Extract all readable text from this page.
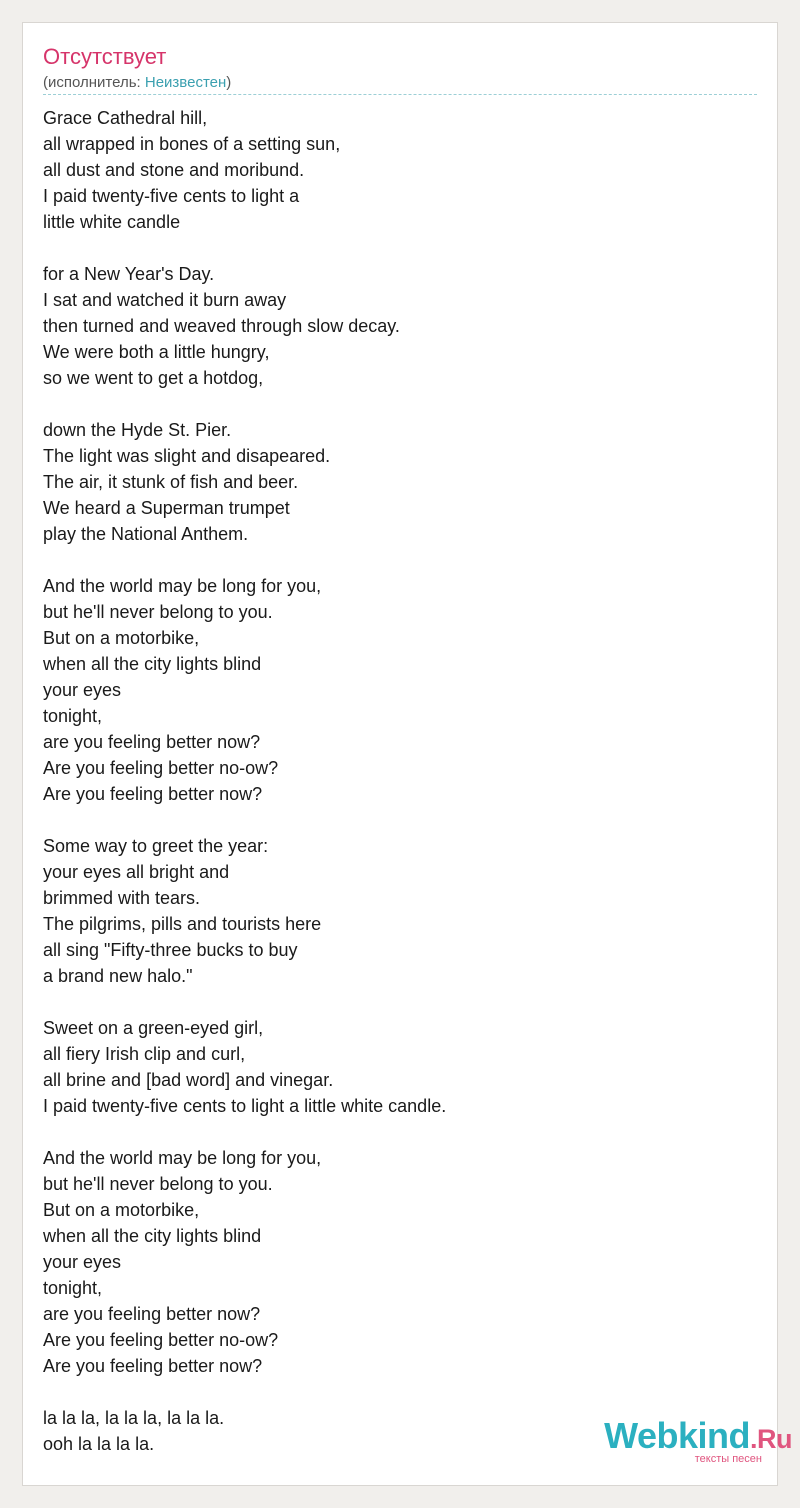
Отсутствует
(исполнитель: Неизвестен)
Grace Cathedral hill,
all wrapped in bones of a setting sun,
all dust and stone and moribund.
I paid twenty-five cents to light a
little white candle
for a New Year's Day.
I sat and watched it burn away
then turned and weaved through slow decay.
We were both a little hungry,
so we went to get a hotdog,
down the Hyde St. Pier.
The light was slight and disapeared.
The air, it stunk of fish and beer.
We heard a Superman trumpet
play the National Anthem.
And the world may be long for you,
but he'll never belong to you.
But on a motorbike,
when all the city lights blind
your eyes
tonight,
are you feeling better now?
Are you feeling better no-ow?
Are you feeling better now?
Some way to greet the year:
your eyes all bright and
brimmed with tears.
The pilgrims, pills and tourists here
all sing "Fifty-three bucks to buy
a brand new halo."
Sweet on a green-eyed girl,
all fiery Irish clip and curl,
all brine and [bad word] and vinegar.
I paid twenty-five cents to light a little white candle.
And the world may be long for you,
but he'll never belong to you.
But on a motorbike,
when all the city lights blind
your eyes
tonight,
are you feeling better now?
Are you feeling better no-ow?
Are you feeling better now?
la la la, la la la, la la la.
ooh la la la la.	Webkind.Ru
тексты песен
